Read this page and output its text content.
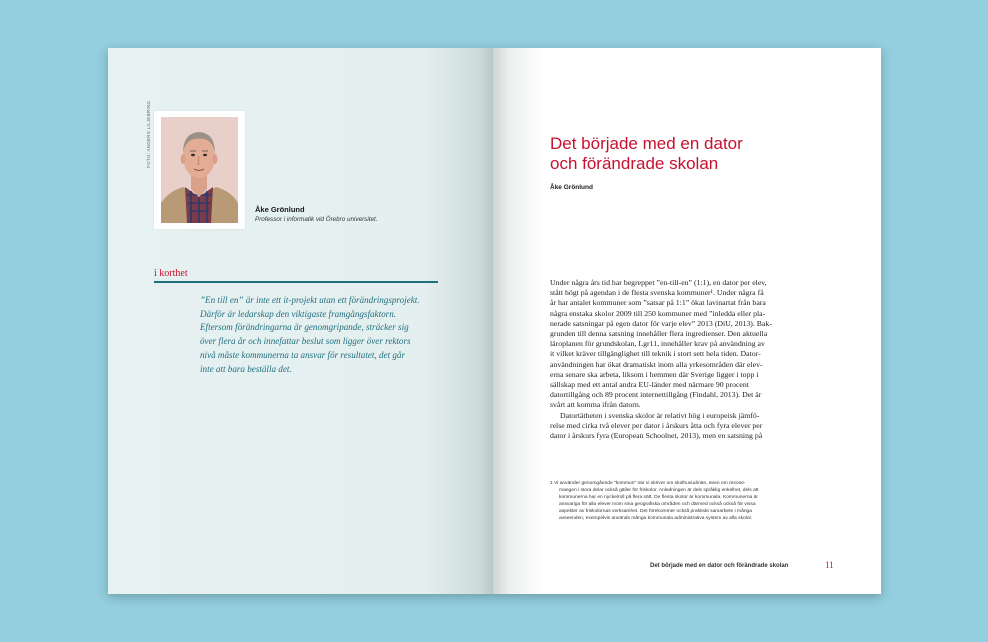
FOTO: ANDERS LILJEBRING
Åke Grönlund
Professor i informatik vid Örebro universitet.
i korthet
”En till en” är inte ett it-projekt utan ett förändringsprojekt.
Därför är ledarskap den viktigaste framgångsfaktorn.
Eftersom förändringarna är genomgripande, sträcker sig
över flera år och innefattar beslut som ligger över rektors
nivå måste kommunerna ta ansvar för resultatet, det går
inte att bara beställa det.
Det började med en dator
och förändrade skolan
Åke Grönlund
Under några års tid har begreppet ”en-till-en” (1:1), en dator per elev,
stått högt på agendan i de flesta svenska kommuner¹. Under några få
år har antalet kommuner som ”satsar på 1:1” ökat lavinartat från bara
några enstaka skolor 2009 till 250 kommuner med ”inledda eller pla-
nerade satsningar på egen dator för varje elev” 2013 (DiU, 2013). Bak-
grunden till denna satsning innehåller flera ingredienser. Den aktuella
läroplanen för grundskolan, Lgr11, innehåller krav på användning av
it vilket kräver tillgänglighet till teknik i stort sett hela tiden. Dator-
användningen har ökat dramatiskt inom alla yrkesområden där elev-
erna senare ska arbeta, liksom i hemmen där Sverige ligger i topp i
sällskap med ett antal andra EU-länder med närmare 90 procent
datortillgång och 89 procent internettillgång (Findahl, 2013). Det är
svårt att komma ifrån datorn.
Datortätheten i svenska skolor är relativt hög i europeisk jämfö-
relse med cirka två elever per dator i årskurs åtta och fyra elever per
dator i årskurs fyra (European Schoolnet, 2013), men en satsning på
1 Vi använder genomgående ”kommun” när vi skriver om skolhuvudmän, även om resone-
mangen i stora delar också gäller för friskolor. Anledningen är dels språklig enkelhet, dels att
kommunerna har en nyckelroll på flera sätt. De flesta skolor är kommunala. Kommunerna är
ansvariga för alla elever inom sina geografiska områden och därmed också också för vissa
aspekter av friskolornas verksamhet. Det förekommer också praktiskt samarbete i många
avseenden, exempelvis används många kommunala administrativa system av alla skolor.
Det började med en dator och förändrade skolan	11
